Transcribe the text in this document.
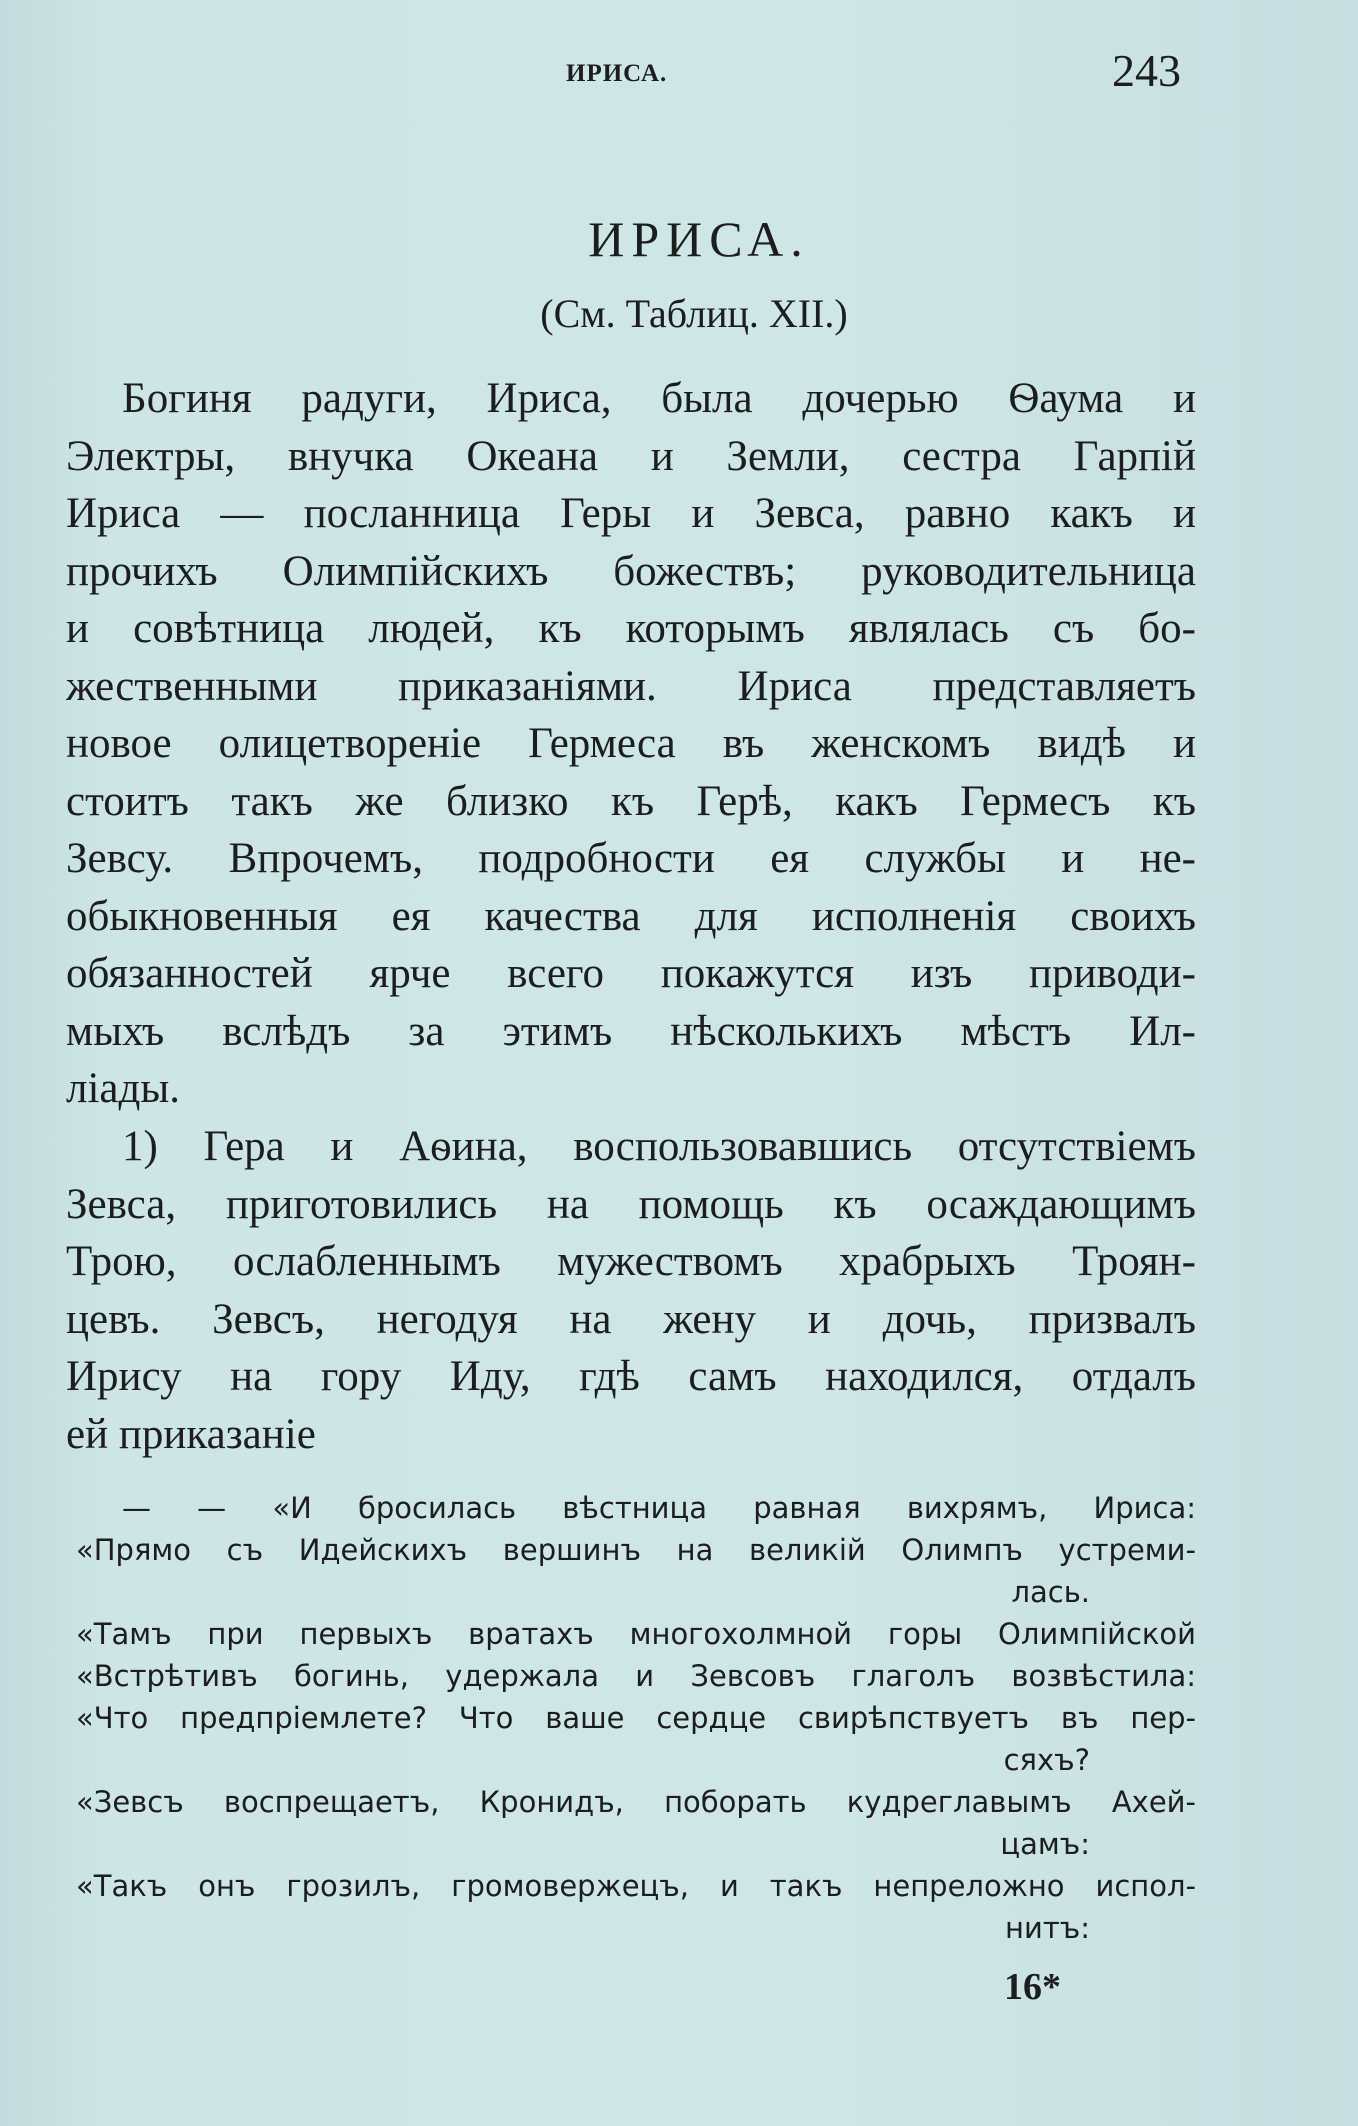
ИРИСА.	243
ИРИСА.
(См. Таблиц. XII.)
Богиня радуги, Ириса, была дочерью Ѳаума и
Электры, внучка Океана и Земли, сестра Гарпій
Ириса — посланница Геры и Зевса, равно какъ и
прочихъ Олимпійскихъ божествъ; руководительница
и совѣтница людей, къ которымъ являлась съ бо-
жественными приказаніями. Ириса представляетъ
новое олицетвореніе Гермеса въ женскомъ видѣ и
стоитъ такъ же близко къ Герѣ, какъ Гермесъ къ
Зевсу. Впрочемъ, подробности ея службы и не-
обыкновенныя ея качества для исполненія своихъ
обязанностей ярче всего покажутся изъ приводи-
мыхъ вслѣдъ за этимъ нѣсколькихъ мѣстъ Ил-
ліады.
1) Гера и Аѳина, воспользовавшись отсутствіемъ
Зевса, приготовились на помощь къ осаждающимъ
Трою, ослабленнымъ мужествомъ храбрыхъ Троян-
цевъ. Зевсъ, негодуя на жену и дочь, призвалъ
Ирису на гору Иду, гдѣ самъ находился, отдалъ
ей приказаніе
— — «И бросилась вѣстница равная вихрямъ, Ириса:
«Прямо съ Идейскихъ вершинъ на великій Олимпъ устреми-
лась.
«Тамъ при первыхъ вратахъ многохолмной горы Олимпійской
«Встрѣтивъ богинь, удержала и Зевсовъ глаголъ возвѣстила:
«Что предпріемлете? Что ваше сердце свирѣпствуетъ въ пер-
сяхъ?
«Зевсъ воспрещаетъ, Кронидъ, поборать кудреглавымъ Ахей-
цамъ:
«Такъ онъ грозилъ, громовержецъ, и такъ непреложно испол-
нитъ:
16*
